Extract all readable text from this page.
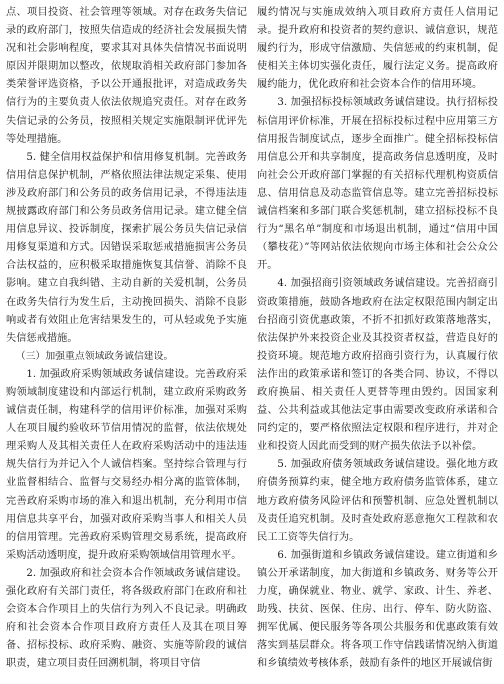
点、项目投资、社会管理等领域。对存在政务失信记录的政府部门，按照失信造成的经济社会发展损失情况和社会影响程度，要求其对具体失信情况书面说明原因并限期加以整改，依规取消相关政府部门参加各类荣誉评选资格，予以公开通报批评，对造成政务失信行为的主要负责人依法依规追究责任。对存在政务失信记录的公务员，按照相关规定实施限制评优评先等处理措施。

5. 健全信用权益保护和信用修复机制。完善政务信用信息保护机制，严格依照法律法规定采集、使用涉及政府部门和公务员的政务信用记录，不得违法违规披露政府部门和公务员政务信用记录。建立健全信用信息异议、投诉制度，探索扩展公务员失信记录信用修复渠道和方式。因错误采取惩戒措施损害公务员合法权益的，应积极采取措施恢复其信誉、消除不良影响。建立自我纠错、主动自新的关爱机制，公务员在政务失信行为发生后，主动挽回损失、消除不良影响或者有效阻止危害结果发生的，可从轻或免予实施失信惩戒措施。

（三）加强重点领域政务诚信建设。

1. 加强政府采购领域政务诚信建设。完善政府采购领域制度建设和内部运行机制，建立政府采购政务诚信责任制，构建科学的信用评价标准，加强对采购人在项目履约验收环节信用情况的监督，依法依规处理采购人及其相关责任人在政府采购活动中的违法违规失信行为并记入个人诚信档案。坚持综合管理与行业监督相结合、监督与交易经办相分离的监管体制，完善政府采购市场的准入和退出机制，充分利用市信用信息共享平台，加强对政府采购当事人和相关人员的信用管理。完善政府采购管理交易系统，提高政府采购活动透明度，提升政府采购领域信用管理水平。

2. 加强政府和社会资本合作领域政务诚信建设。强化政府有关部门责任，将各级政府部门在政府和社会资本合作项目上的失信行为列入不良记录。明确政府和社会资本合作项目政府方责任人及其在项目筹备、招标投标、政府采购、融资、实施等阶段的诚信职责，建立项目责任回溯机制，将项目守信

履约情况与实施成效纳入项目政府方责任人信用记录。提升政府和投资者的契约意识、诚信意识，规范履约行为，形成守信激励、失信惩戒的约束机制，促使相关主体切实强化责任，履行法定义务。提高政府履约能力，优化政府和社会资本合作的信用环境。

3. 加强招标投标领域政务诚信建设。执行招标投标信用评价标准，开展在招标投标过程中应用第三方信用报告制度试点，逐步全面推广。健全招标投标信用信息公开和共享制度，提高政务信息透明度，及时向社会公开政府部门掌握的有关招标代理机构资质信息、信用信息及动态监管信息等。建立完善招标投标诚信档案和多部门联合奖惩机制，建立招标投标不良行为“黑名单”制度和市场退出机制，通过“信用中国（攀枝花）”等网站依法依规向市场主体和社会公众公开。

4. 加强招商引资领域政务诚信建设。完善招商引资政策措施，鼓励各地政府在法定权限范围内制定出台招商引资优惠政策，不折不扣抓好政策落地落实，依法保护外来投资企业及其投资者权益，营造良好的投资环境。规范地方政府招商引资行为，认真履行依法作出的政策承诺和签订的各类合同、协议，不得以政府换届、相关责任人更替等理由毁约。因国家利益、公共利益或其他法定事由需要改变政府承诺和合同约定的，要严格依照法定权限和程序进行，并对企业和投资人因此而受到的财产损失依法予以补偿。

5. 加强政府债务领域政务诚信建设。强化地方政府债务预算约束，健全地方政府债务监管体系，建立地方政府债务风险评估和预警机制、应急处置机制以及责任追究机制。及时查处政府恶意拖欠工程款和农民工工资等失信行为。

6. 加强街道和乡镇政务诚信建设。建立街道和乡镇公开承诺制度，加大街道和乡镇政务、财务等公开力度，确保就业、物业、就学、家政、计生、养老、助残、扶贫、医保、住房、出行、停车、防火防盗、拥军优属、便民服务等各项公共服务和优惠政策有效落实到基层群众。将各项工作守信践诺情况纳入街道和乡镇绩效考核体系，鼓励有条件的地区开展诚信街
